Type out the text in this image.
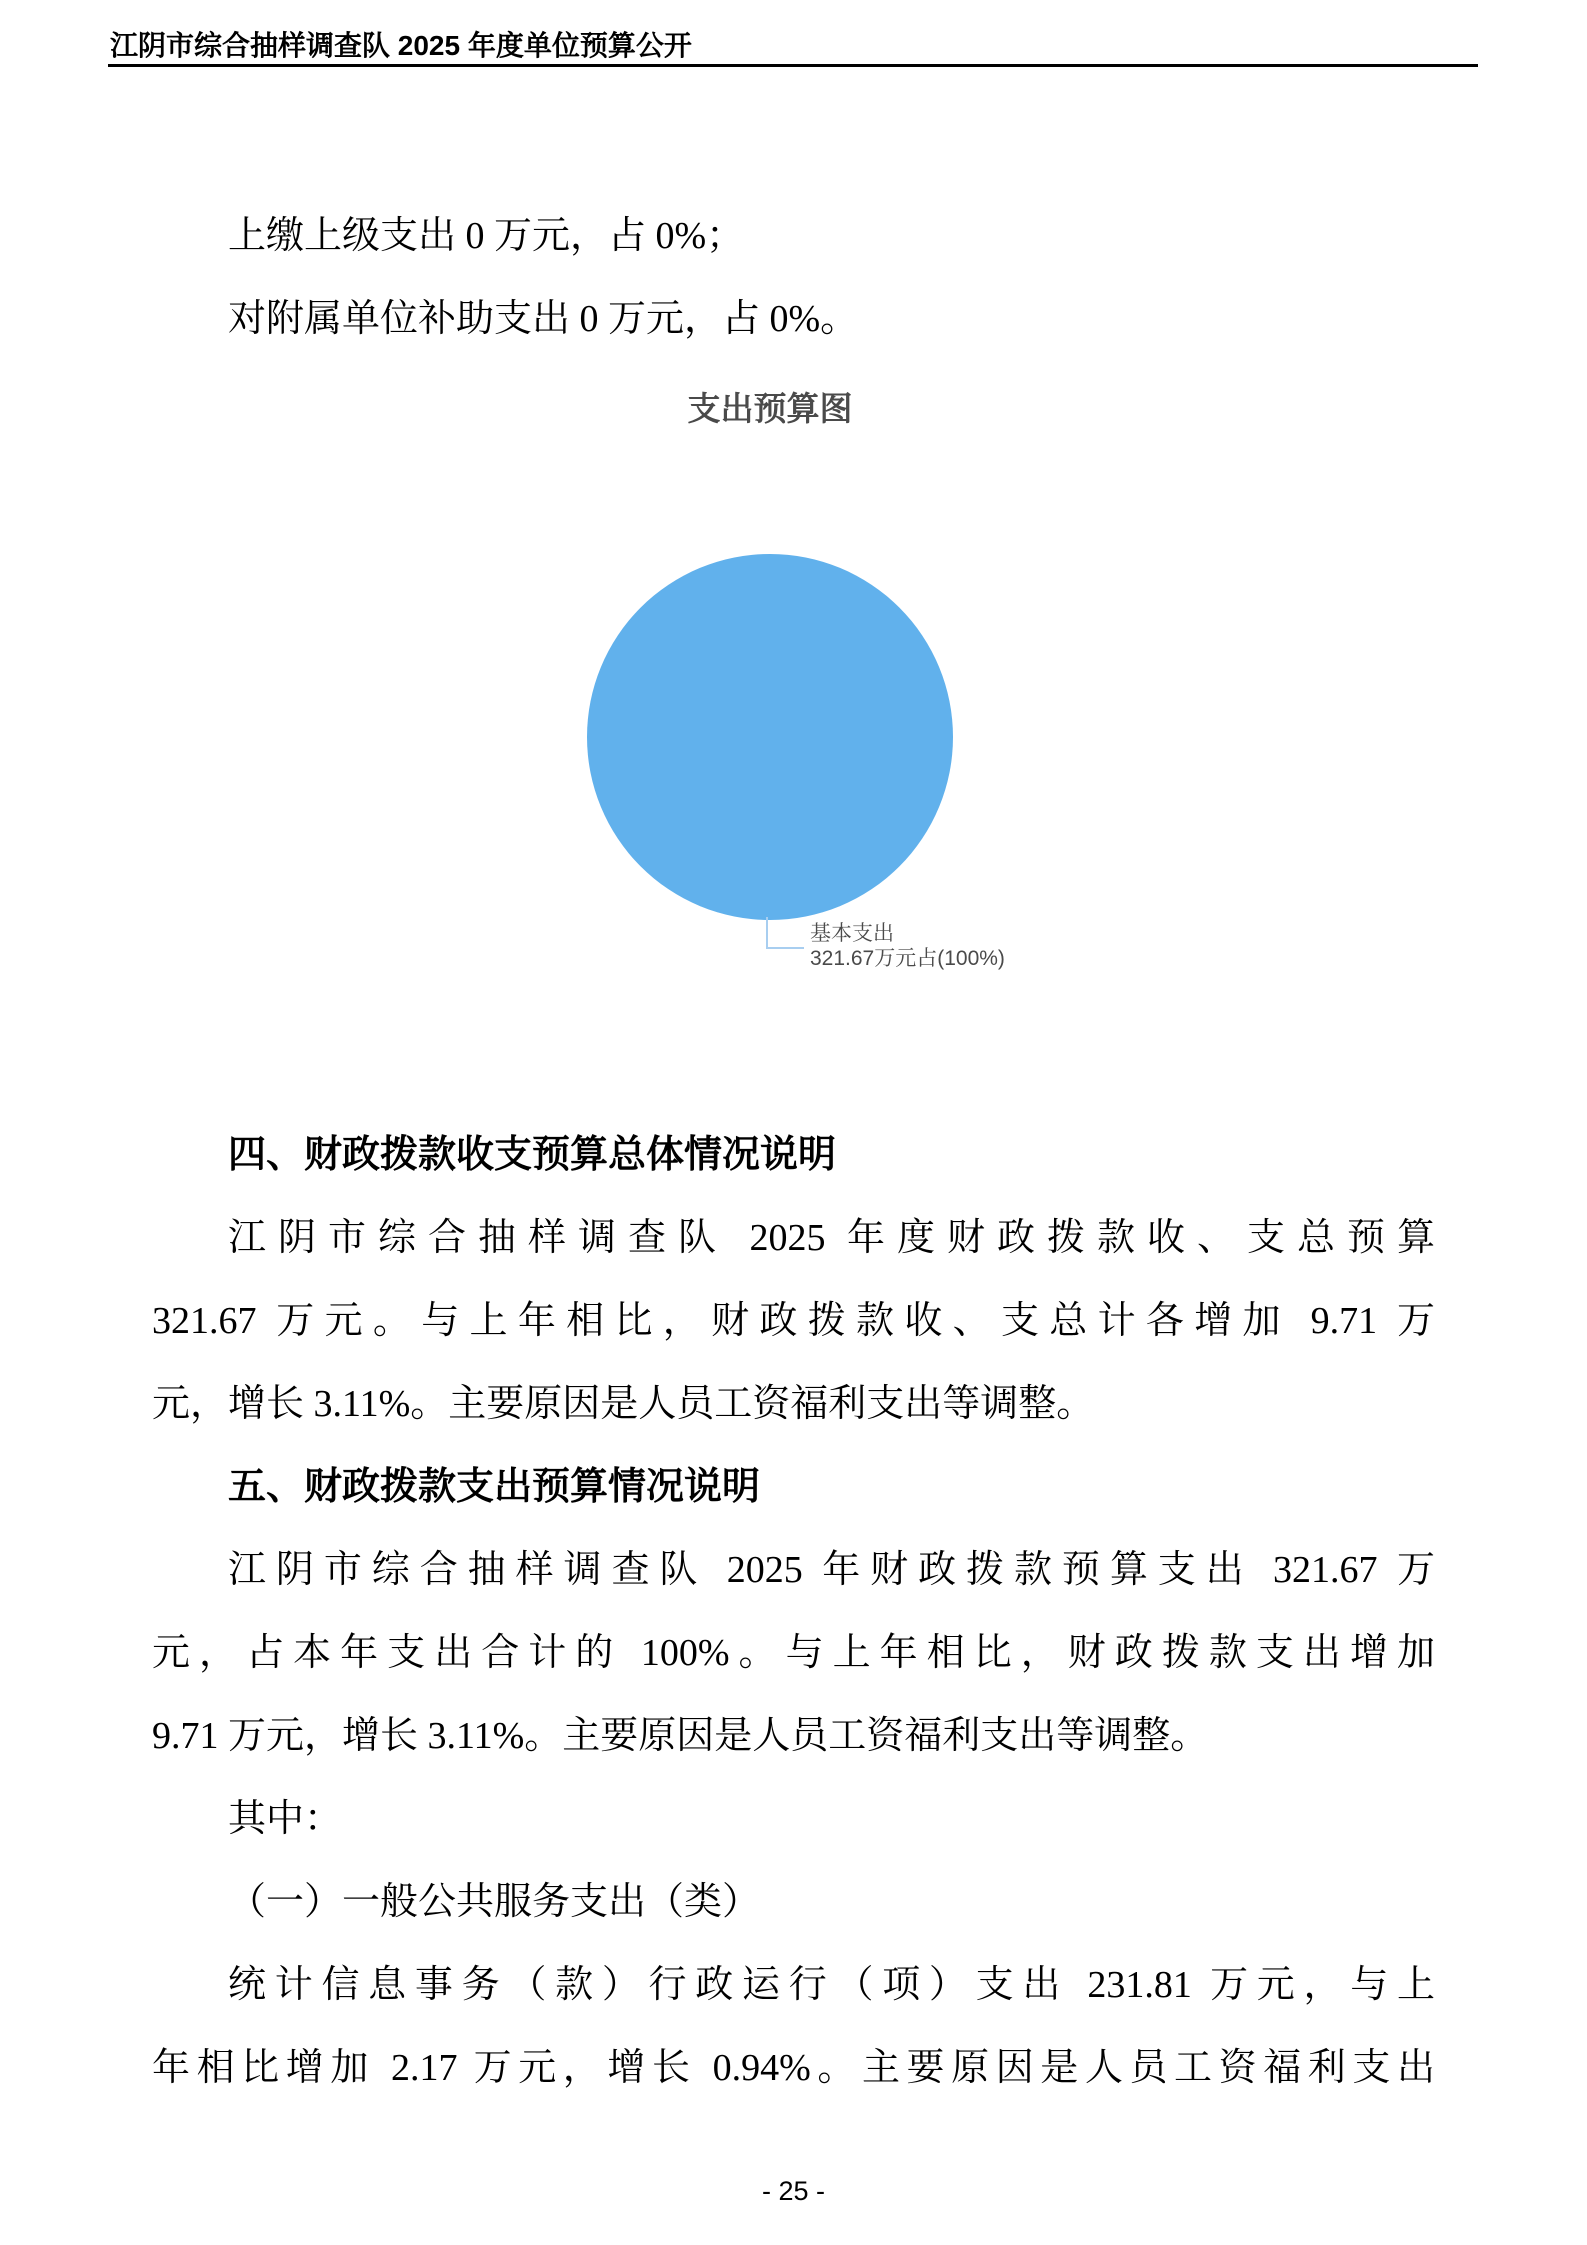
江阴市综合抽样调查队 2025 年度单位预算公开
上缴上级支出 0 万元，占 0%；
对附属单位补助支出 0 万元，占 0%。
支出预算图
基本支出
321.67万元占(100%)
四、财政拨款收支预算总体情况说明
江阴市综合抽样调查队 2025 年度财政拨款收、支总预算
321.67 万元。与上年相比，财政拨款收、支总计各增加 9.71 万
元，增长 3.11%。主要原因是人员工资福利支出等调整。
五、财政拨款支出预算情况说明
江阴市综合抽样调查队 2025 年财政拨款预算支出 321.67 万
元，占本年支出合计的 100%。与上年相比，财政拨款支出增加
9.71 万元，增长 3.11%。主要原因是人员工资福利支出等调整。
其中：
（一）一般公共服务支出（类）
统计信息事务（款）行政运行（项）支出 231.81 万元，与上
年相比增加 2.17 万元，增长 0.94%。主要原因是人员工资福利支出
- 25 -
